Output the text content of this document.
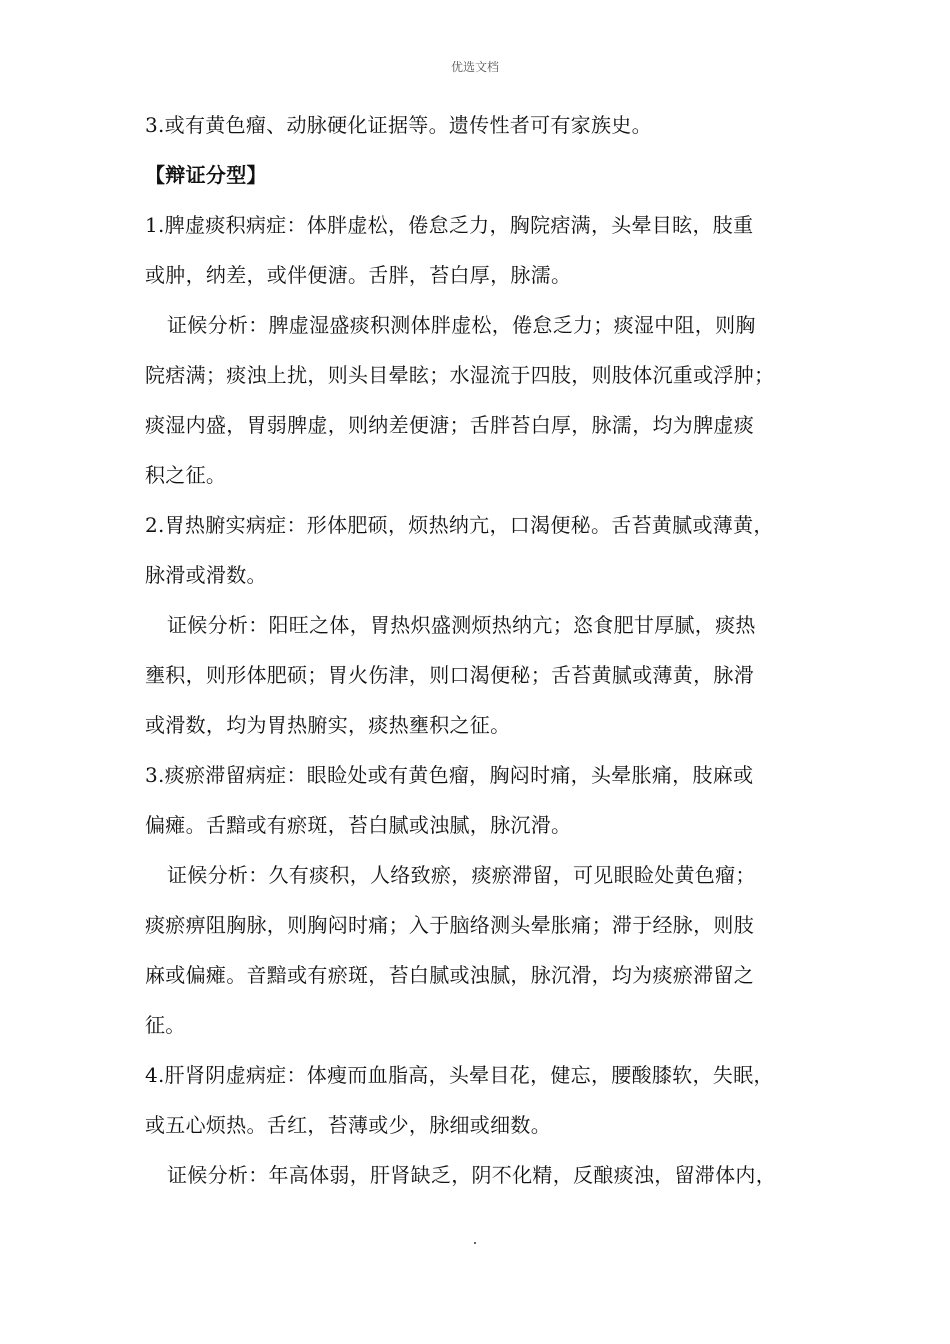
优选文档
3.或有黄色瘤、动脉硬化证据等。遗传性者可有家族史。
【辩证分型】
1.脾虚痰积病症：体胖虚松，倦怠乏力，胸院痞满，头晕目眩，肢重
或肿，纳差，或伴便溏。舌胖，苔白厚，脉濡。
证候分析：脾虚湿盛痰积测体胖虚松，倦怠乏力；痰湿中阻，则胸
院痞满；痰浊上扰，则头目晕眩；水湿流于四肢，则肢体沉重或浮肿；
痰湿内盛，胃弱脾虚，则纳差便溏；舌胖苔白厚，脉濡，均为脾虚痰
积之征。
2.胃热腑实病症：形体肥硕，烦热纳亢，口渴便秘。舌苔黄腻或薄黄，
脉滑或滑数。
证候分析：阳旺之体，胃热炽盛测烦热纳亢；恣食肥甘厚腻，痰热
壅积，则形体肥硕；胃火伤津，则口渴便秘；舌苔黄腻或薄黄，脉滑
或滑数，均为胃热腑实，痰热壅积之征。
3.痰瘀滞留病症：眼睑处或有黄色瘤，胸闷时痛，头晕胀痛，肢麻或
偏瘫。舌黯或有瘀斑，苔白腻或浊腻，脉沉滑。
证候分析：久有痰积，人络致瘀，痰瘀滞留，可见眼睑处黄色瘤；
痰瘀痹阻胸脉，则胸闷时痛；入于脑络测头晕胀痛；滞于经脉，则肢
麻或偏瘫。音黯或有瘀斑，苔白腻或浊腻，脉沉滑，均为痰瘀滞留之
征。
4.肝肾阴虚病症：体瘦而血脂高，头晕目花，健忘，腰酸膝软，失眠，
或五心烦热。舌红，苔薄或少，脉细或细数。
证候分析：年高体弱，肝肾缺乏，阴不化精，反酿痰浊，留滞体内，
